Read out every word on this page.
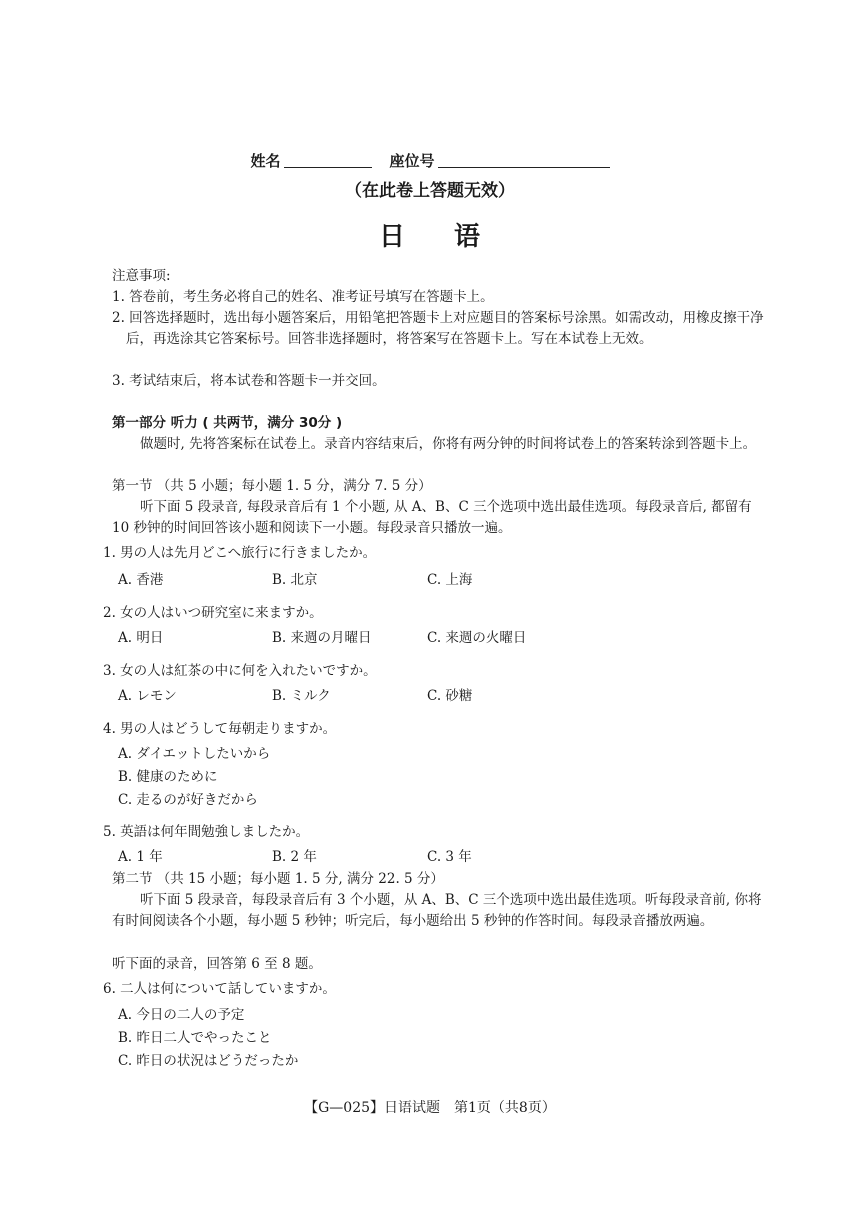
姓名	座位号
（在此卷上答题无效）
日 语
注意事项:
1. 答卷前，考生务必将自己的姓名、准考证号填写在答题卡上。
2. 回答选择题时，选出每小题答案后，用铅笔把答题卡上对应题目的答案标号涂黑。如需改动，用橡皮擦干净后，再选涂其它答案标号。回答非选择题时，将答案写在答题卡上。写在本试卷上无效。
3. 考试结束后，将本试卷和答题卡一并交回。
第一部分 听力 ( 共两节，满分 30分 )
做题时, 先将答案标在试卷上。录音内容结束后，你将有两分钟的时间将试卷上的答案转涂到答题卡上。
第一节 （共 5 小题；每小题 1. 5 分，满分 7. 5 分）
听下面 5 段录音, 每段录音后有 1 个小题, 从 A、B、C 三个选项中选出最佳选项。每段录音后, 都留有 10 秒钟的时间回答该小题和阅读下一小题。每段录音只播放一遍。
1. 男の人は先月どこへ旅行に行きましたか。
A. 香港	B. 北京	C. 上海
2. 女の人はいつ研究室に来ますか。
A. 明日	B. 来週の月曜日	C. 来週の火曜日
3. 女の人は紅茶の中に何を入れたいですか。
A. レモン	B. ミルク	C. 砂糖
4. 男の人はどうして毎朝走りますか。
A. ダイエットしたいから
B. 健康のために
C. 走るのが好きだから
5. 英語は何年間勉強しましたか。
A. 1 年	B. 2 年	C. 3 年
第二节 （共 15 小题；每小题 1. 5 分, 满分 22. 5 分）
听下面 5 段录音，每段录音后有 3 个小题，从 A、B、C 三个选项中选出最佳选项。听每段录音前, 你将有时间阅读各个小题，每小题 5 秒钟；听完后，每小题给出 5 秒钟的作答时间。每段录音播放两遍。
听下面的录音，回答第 6 至 8 题。
6. 二人は何について話していますか。
A. 今日の二人の予定
B. 昨日二人でやったこと
C. 昨日の状況はどうだったか
【G—025】日语试题　第1页（共8页）
